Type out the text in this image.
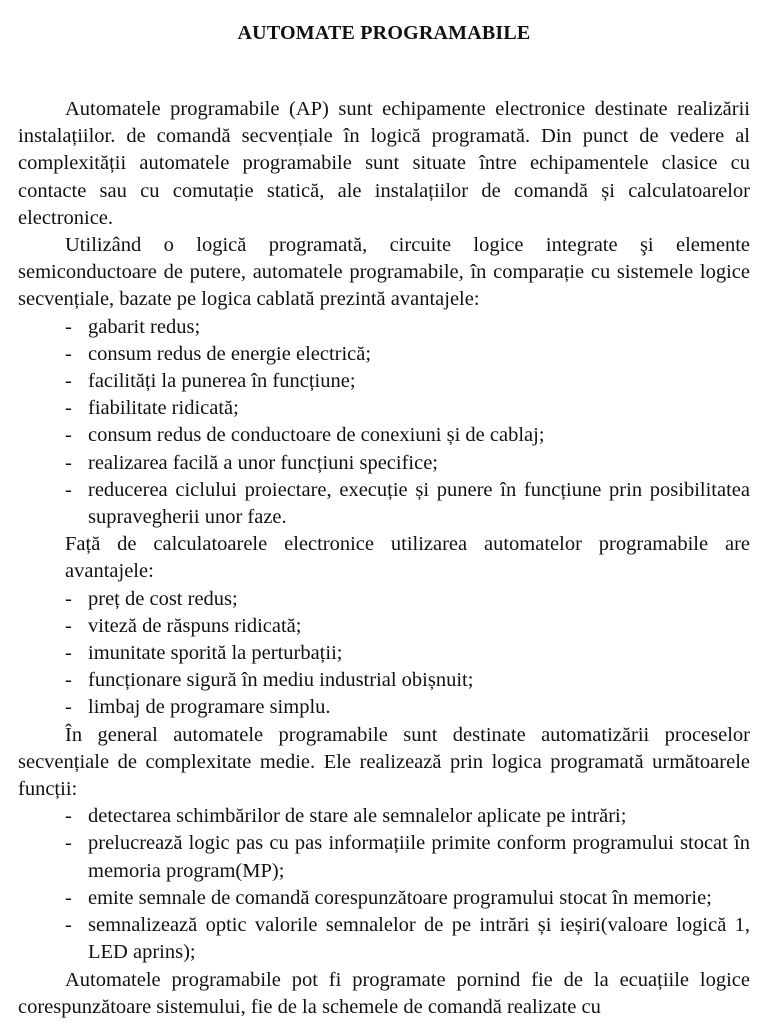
AUTOMATE PROGRAMABILE

Automatele programabile (AP) sunt echipamente electronice destinate realizării instalațiilor. de comandă secvențiale în logică programată. Din punct de vedere al complexității automatele programabile sunt situate între echipamentele clasice cu contacte sau cu comutație statică, ale instalațiilor de comandă și calculatoarelor electronice.

Utilizând o logică programată, circuite logice integrate şi elemente semiconductoare de putere, automatele programabile, în comparație cu sistemele logice secvențiale, bazate pe logica cablată prezintă avantajele:

- gabarit redus;
- consum redus de energie electrică;
- facilități la punerea în funcțiune;
- fiabilitate ridicată;
- consum redus de conductoare de conexiuni și de cablaj;
- realizarea facilă a unor funcțiuni specifice;
- reducerea ciclului proiectare, execuție și punere în funcțiune prin posibilitatea supravegherii unor faze.

Față de calculatoarele electronice utilizarea automatelor programabile are avantajele:

- preț de cost redus;
- viteză de răspuns ridicată;
- imunitate sporită la perturbații;
- funcționare sigură în mediu industrial obișnuit;
- limbaj de programare simplu.

În general automatele programabile sunt destinate automatizării proceselor secvențiale de complexitate medie. Ele realizează prin logica programată următoarele funcții:

- detectarea schimbărilor de stare ale semnalelor aplicate pe intrări;
- prelucrează logic pas cu pas informațiile primite conform programului stocat în memoria program(MP);
- emite semnale de comandă corespunzătoare programului stocat în memorie;
- semnalizează optic valorile semnalelor de pe intrări și ieșiri(valoare logică 1, LED aprins);

Automatele programabile pot fi programate pornind fie de la ecuațiile logice corespunzătoare sistemului, fie de la schemele de comandă realizate cu
